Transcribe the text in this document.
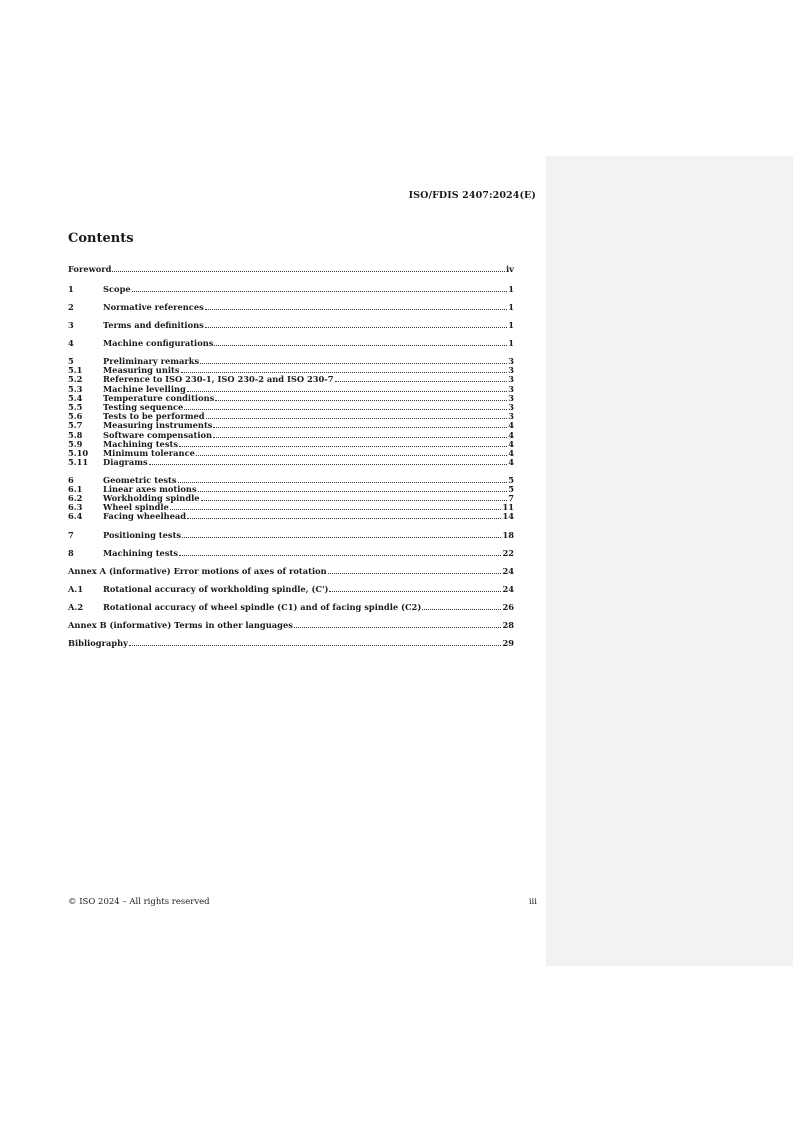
ISO/FDIS 2407:2024(E)
Contents
Foreword	iv
1	Scope	1
2	Normative references	1
3	Terms and definitions	1
4	Machine configurations	1
5	Preliminary remarks	3
5.1	Measuring units	3
5.2	Reference to ISO 230-1, ISO 230-2 and ISO 230-7	3
5.3	Machine levelling	3
5.4	Temperature conditions	3
5.5	Testing sequence	3
5.6	Tests to be performed	3
5.7	Measuring instruments	4
5.8	Software compensation	4
5.9	Machining tests	4
5.10	Minimum tolerance	4
5.11	Diagrams	4
6	Geometric tests	5
6.1	Linear axes motions	5
6.2	Workholding spindle	7
6.3	Wheel spindle	11
6.4	Facing wheelhead	14
7	Positioning tests	18
8	Machining tests	22
Annex A (informative) Error motions of axes of rotation	24
A.1	Rotational accuracy of workholding spindle, (C')	24
A.2	Rotational accuracy of wheel spindle (C1) and of facing spindle (C2)	26
Annex B (informative) Terms in other languages	28
Bibliography	29
© ISO 2024 – All rights reserved	iii
